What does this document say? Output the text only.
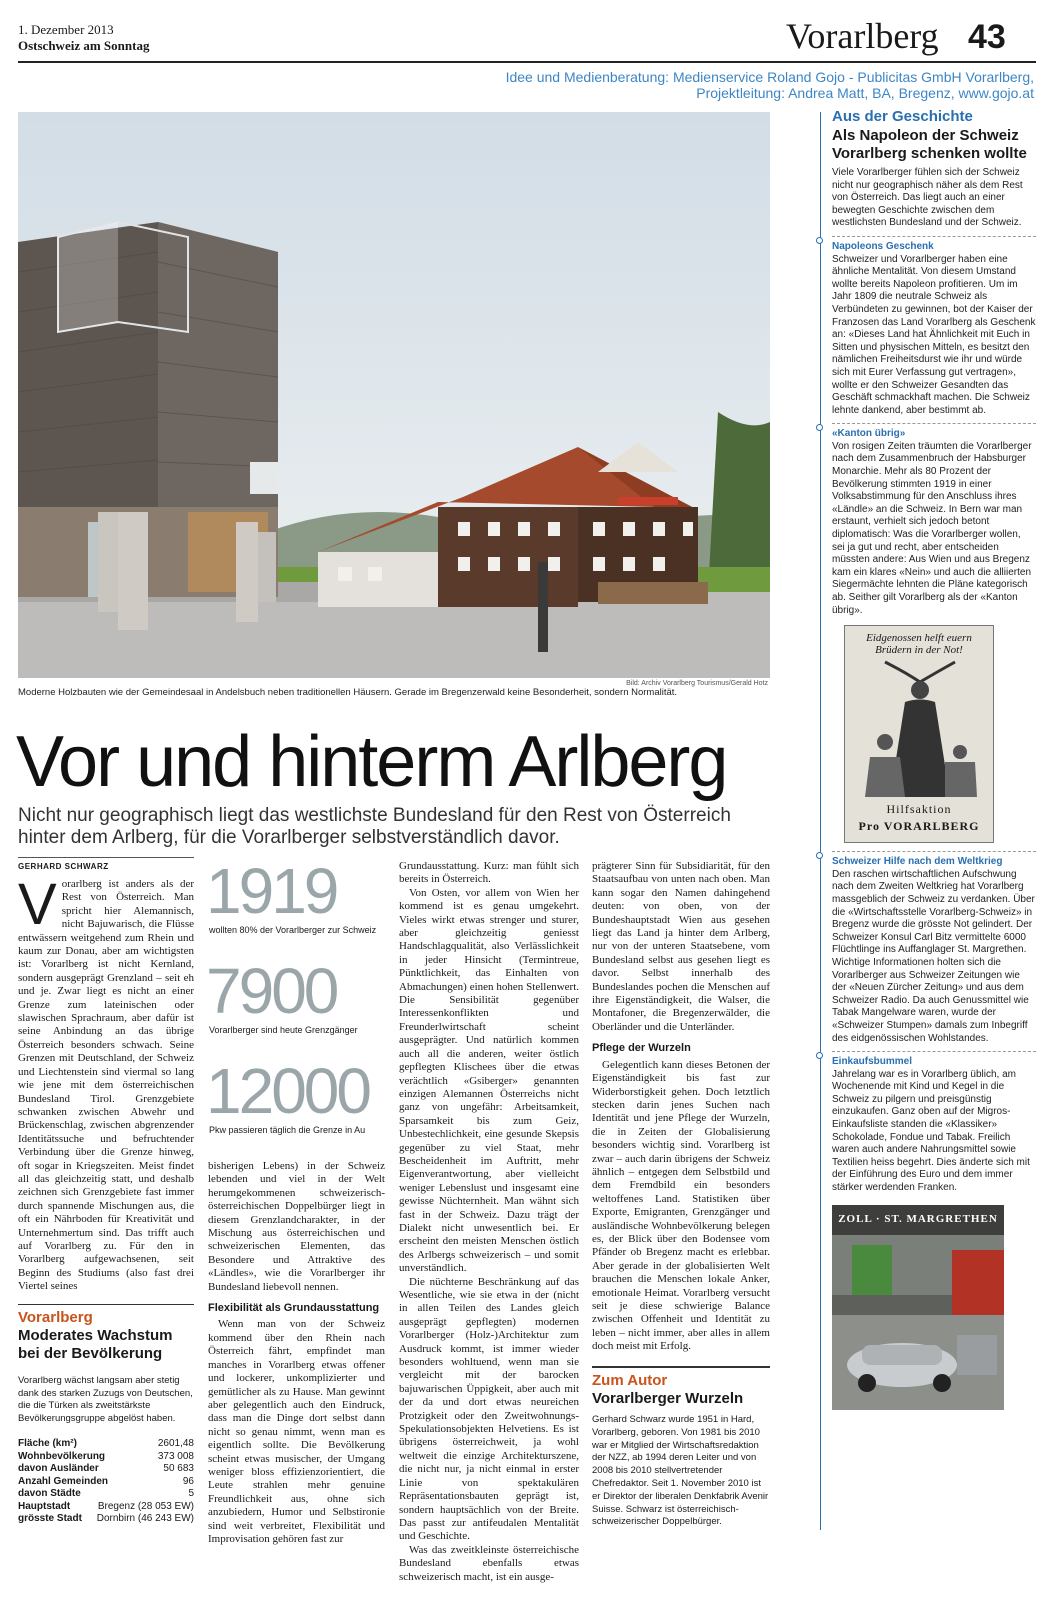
1. Dezember 2013
Ostschweiz am Sonntag	Vorarlberg 43
Idee und Medienberatung: Medienservice Roland Gojo - Publicitas GmbH Vorarlberg,
Projektleitung: Andrea Matt, BA, Bregenz, www.gojo.at
Bild: Archiv Vorarlberg Tourismus/Gerald Hotz
Moderne Holzbauten wie der Gemeindesaal in Andelsbuch neben traditionellen Häusern. Gerade im Bregenzerwald keine Besonderheit, sondern Normalität.
Vor und hinterm Arlberg
Nicht nur geographisch liegt das westlichste Bundesland für den Rest von Österreich hinter dem Arlberg, für die Vorarlberger selbstverständlich davor.
GERHARD SCHWARZ
V orarlberg ist anders als der Rest von Österreich. Man spricht hier Alemannisch, nicht Bajuwarisch, die Flüsse entwässern weitgehend zum Rhein und kaum zur Donau, aber am wichtigsten ist: Vorarlberg ist nicht Kernland, sondern ausgeprägt Grenzland – seit eh und je. Zwar liegt es nicht an einer Grenze zum lateinischen oder slawischen Sprachraum, aber dafür ist seine Anbindung an das übrige Österreich besonders schwach. Seine Grenzen mit Deutschland, der Schweiz und Liechtenstein sind viermal so lang wie jene mit dem österreichischen Bundesland Tirol. Grenzgebiete schwanken zwischen Abwehr und Brückenschlag, zwischen abgrenzender Identitätssuche und befruchtender Verbindung über die Grenze hinweg, oft sogar in Kriegszeiten. Meist findet all das gleichzeitig statt, und deshalb zeichnen sich Grenzgebiete fast immer durch spannende Mischungen aus, die oft ein Nährboden für Kreativität und Unternehmertum sind. Das trifft auch auf Vorarlberg zu. Für den in Vorarlberg aufgewachsenen, seit Beginn des Studiums (also fast drei Viertel seines
1919
wollten 80% der Vorarlberger zur Schweiz
7900
Vorarlberger sind heute Grenzgänger
12000
Pkw passieren täglich die Grenze in Au

bisherigen Lebens) in der Schweiz lebenden und viel in der Welt herumgekommenen schweizerisch-österreichischen Doppelbürger liegt in diesem Grenzlandcharakter, in der Mischung aus österreichischen und schweizerischen Elementen, das Besondere und Attraktive des «Ländles», wie die Vorarlberger ihr Bundesland liebevoll nennen.

Flexibilität als Grundausstattung

Wenn man von der Schweiz kommend über den Rhein nach Österreich fährt, empfindet man manches in Vorarlberg etwas offener und lockerer, unkomplizierter und gemütlicher als zu Hause. Man gewinnt aber gelegentlich auch den Eindruck, dass man die Dinge dort selbst dann nicht so genau nimmt, wenn man es eigentlich sollte. Die Bevölkerung scheint etwas musischer, der Umgang weniger bloss effizienzorientiert, die Leute strahlen mehr genuine Freundlichkeit aus, ohne sich anzubiedern, Humor und Selbstironie sind weit verbreitet, Flexibilität und Improvisation gehören fast zur

Grundausstattung. Kurz: man fühlt sich bereits in Österreich.

Von Osten, vor allem von Wien her kommend ist es genau umgekehrt. Vieles wirkt etwas strenger und sturer, aber gleichzeitig geniesst Handschlagqualität, also Verlässlichkeit in jeder Hinsicht (Termintreue, Pünktlichkeit, das Einhalten von Abmachungen) einen hohen Stellenwert. Die Sensibilität gegenüber Interessenkonflikten und Freunderlwirtschaft scheint ausgeprägter. Und natürlich kommen auch all die anderen, weiter östlich gepflegten Klischees über die etwas verächtlich «Gsiberger» genannten einzigen Alemannen Österreichs nicht ganz von ungefähr: Arbeitsamkeit, Sparsamkeit bis zum Geiz, Unbestechlichkeit, eine gesunde Skepsis gegenüber zu viel Staat, mehr Bescheidenheit im Auftritt, mehr Eigenverantwortung, aber vielleicht weniger Lebenslust und insgesamt eine gewisse Nüchternheit. Man wähnt sich fast in der Schweiz. Dazu trägt der Dialekt nicht unwesentlich bei. Er erscheint den meisten Menschen östlich des Arlbergs schweizerisch – und somit unverständlich.

Die nüchterne Beschränkung auf das Wesentliche, wie sie etwa in der (nicht in allen Teilen des Landes gleich ausgeprägt gepflegten) modernen Vorarlberger (Holz-)Architektur zum Ausdruck kommt, ist immer wieder besonders wohltuend, wenn man sie vergleicht mit der barocken bajuwarischen Üppigkeit, aber auch mit der da und dort etwas neureichen Protzigkeit oder den Zweitwohnungs-Spekulationsobjekten Helvetiens. Es ist übrigens österreichweit, ja wohl weltweit die einzige Architekturszene, die nicht nur, ja nicht einmal in erster Linie von spektakulären Repräsentationsbauten geprägt ist, sondern hauptsächlich von der Breite. Das passt zur antifeudalen Mentalität und Geschichte.

Was das zweitkleinste österreichische Bundesland ebenfalls etwas schweizerisch macht, ist ein ausge-

prägterer Sinn für Subsidiarität, für den Staatsaufbau von unten nach oben. Man kann sogar den Namen dahingehend deuten: von oben, von der Bundeshauptstadt Wien aus gesehen liegt das Land ja hinter dem Arlberg, nur von der unteren Staatsebene, vom Bundesland selbst aus gesehen liegt es davor. Selbst innerhalb des Bundeslandes pochen die Menschen auf ihre Eigenständigkeit, die Walser, die Montafoner, die Bregenzerwälder, die Oberländer und die Unterländer.

Pflege der Wurzeln

Gelegentlich kann dieses Betonen der Eigenständigkeit bis fast zur Widerborstigkeit gehen. Doch letztlich stecken darin jenes Suchen nach Identität und jene Pflege der Wurzeln, die in Zeiten der Globalisierung besonders wichtig sind. Vorarlberg ist zwar – auch darin übrigens der Schweiz ähnlich – entgegen dem Selbstbild und dem Fremdbild ein besonders weltoffenes Land. Statistiken über Exporte, Emigranten, Grenzgänger und ausländische Wohnbevölkerung belegen es, der Blick über den Bodensee vom Pfänder ob Bregenz macht es erlebbar. Aber gerade in der globalisierten Welt brauchen die Menschen lokale Anker, emotionale Heimat. Vorarlberg versucht seit je diese schwierige Balance zwischen Offenheit und Identität zu leben – nicht immer, aber alles in allem doch meist mit Erfolg.

Vorarlberg
Moderates Wachstum bei der Bevölkerung
Vorarlberg wächst langsam aber stetig dank des starken Zuzugs von Deutschen, die die Türken als zweitstärkste Bevölkerungsgruppe abgelöst haben.
Fläche (km²)	2601,48
Wohnbevölkerung	373 008
davon Ausländer	50 683
Anzahl Gemeinden	96
davon Städte	5
Hauptstadt	Bregenz (28 053 EW)
grösste Stadt Dornbirn (46 243 EW)
Zum Autor
Vorarlberger Wurzeln
Gerhard Schwarz wurde 1951 in Hard, Vorarlberg, geboren. Von 1981 bis 2010 war er Mitglied der Wirtschaftsredaktion der NZZ, ab 1994 deren Leiter und von 2008 bis 2010 stellvertretender Chefredaktor. Seit 1. November 2010 ist er Direktor der liberalen Denkfabrik Avenir Suisse. Schwarz ist österreichisch-schweizerischer Doppelbürger.
Aus der Geschichte
Als Napoleon der Schweiz Vorarlberg schenken wollte
Viele Vorarlberger fühlen sich der Schweiz nicht nur geographisch näher als dem Rest von Österreich. Das liegt auch an einer bewegten Geschichte zwischen dem westlichsten Bundesland und der Schweiz.
Napoleons Geschenk
Schweizer und Vorarlberger haben eine ähnliche Mentalität. Von diesem Umstand wollte bereits Napoleon profitieren. Um im Jahr 1809 die neutrale Schweiz als Verbündeten zu gewinnen, bot der Kaiser der Franzosen das Land Vorarlberg als Geschenk an: «Dieses Land hat Ähnlichkeit mit Euch in Sitten und physischen Mitteln, es besitzt den nämlichen Freiheitsdurst wie ihr und würde sich mit Eurer Verfassung gut vertragen», wollte er den Schweizer Gesandten das Geschäft schmackhaft machen. Die Schweiz lehnte dankend, aber bestimmt ab.
«Kanton übrig»
Von rosigen Zeiten träumten die Vorarlberger nach dem Zusammenbruch der Habsburger Monarchie. Mehr als 80 Prozent der Bevölkerung stimmten 1919 in einer Volksabstimmung für den Anschluss ihres «Ländle» an die Schweiz. In Bern war man erstaunt, verhielt sich jedoch betont diplomatisch: Was die Vorarlberger wollen, sei ja gut und recht, aber entscheiden müssten andere: Aus Wien und aus Bregenz kam ein klares «Nein» und auch die alliierten Siegermächte lehnten die Pläne kategorisch ab. Seither gilt Vorarlberg als der «Kanton übrig».
Eidgenossen helft euern
Brüdern in der Not!
Hilfsaktion
Pro VORARLBERG
Schweizer Hilfe nach dem Weltkrieg
Den raschen wirtschaftlichen Aufschwung nach dem Zweiten Weltkrieg hat Vorarlberg massgeblich der Schweiz zu verdanken. Über die «Wirtschaftsstelle Vorarlberg-Schweiz» in Bregenz wurde die grösste Not gelindert. Der Schweizer Konsul Carl Bitz vermittelte 6000 Flüchtlinge ins Auffanglager St. Margrethen. Wichtige Informationen holten sich die Vorarlberger aus Schweizer Zeitungen wie der «Neuen Zürcher Zeitung» und aus dem Schweizer Radio. Da auch Genussmittel wie Tabak Mangelware waren, wurde der «Schweizer Stumpen» damals zum Inbegriff des eidgenössischen Wohlstandes.
Einkaufsbummel
Jahrelang war es in Vorarlberg üblich, am Wochenende mit Kind und Kegel in die Schweiz zu pilgern und preisgünstig einzukaufen. Ganz oben auf der Migros-Einkaufsliste standen die «Klassiker» Schokolade, Fondue und Tabak. Freilich waren auch andere Nahrungsmittel sowie Textilien heiss begehrt. Dies änderte sich mit der Einführung des Euro und dem immer stärker werdenden Franken.
ZOLL · ST. MARGRETHEN
